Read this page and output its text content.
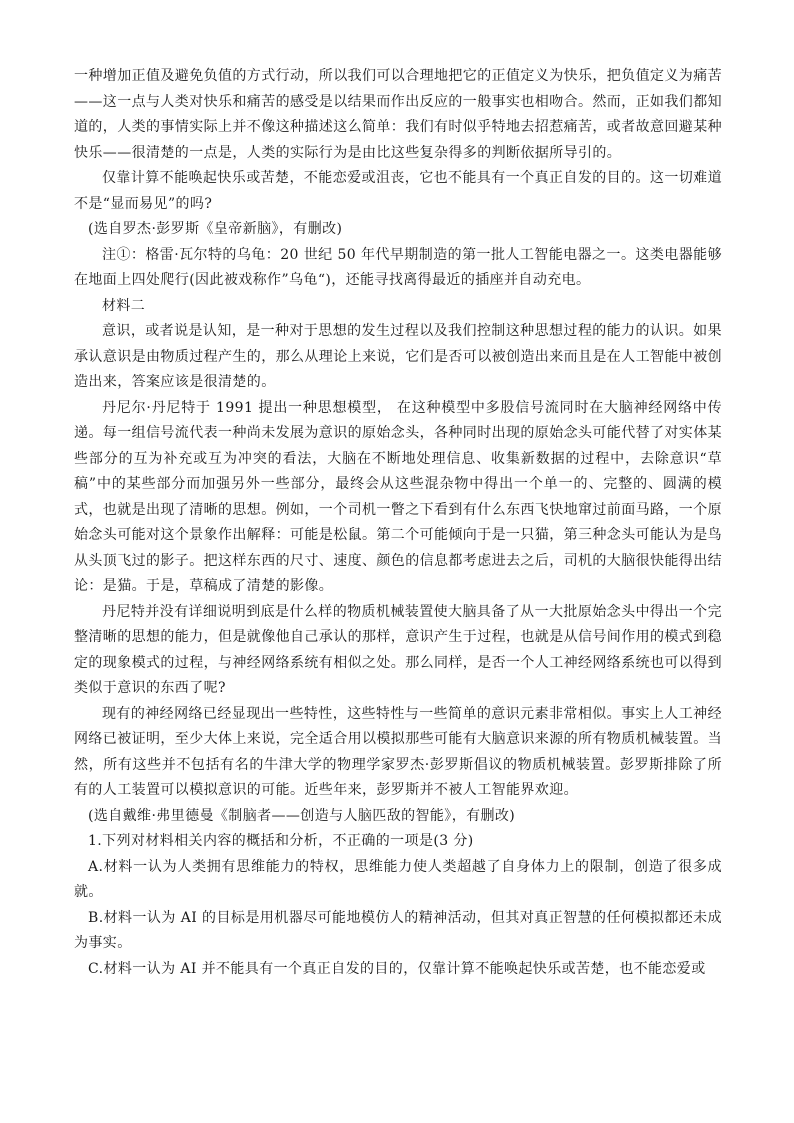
一种增加正值及避免负值的方式行动，所以我们可以合理地把它的正值定义为快乐，把负值定义为痛苦——这一点与人类对快乐和痛苦的感受是以结果而作出反应的一般事实也相吻合。然而，正如我们都知道的，人类的事情实际上并不像这种描述这么简单：我们有时似乎特地去招惹痛苦，或者故意回避某种快乐——很清楚的一点是，人类的实际行为是由比这些复杂得多的判断依据所导引的。

仅靠计算不能唤起快乐或苦楚，不能恋爱或沮丧，它也不能具有一个真正自发的目的。这一切难道不是“显而易见”的吗?

(选自罗杰·彭罗斯《皇帝新脑》，有删改)

注①：格雷·瓦尔特的乌龟：20 世纪 50 年代早期制造的第一批人工智能电器之一。这类电器能够在地面上四处爬行(因此被戏称作”乌龟“)，还能寻找离得最近的插座并自动充电。

材料二

意识，或者说是认知，是一种对于思想的发生过程以及我们控制这种思想过程的能力的认识。如果承认意识是由物质过程产生的，那么从理论上来说，它们是否可以被创造出来而且是在人工智能中被创造出来，答案应该是很清楚的。

丹尼尔·丹尼特于 1991 提出一种思想模型， 在这种模型中多股信号流同时在大脑神经网络中传递。每一组信号流代表一种尚未发展为意识的原始念头，各种同时出现的原始念头可能代替了对实体某些部分的互为补充或互为冲突的看法，大脑在不断地处理信息、收集新数据的过程中，去除意识“草稿”中的某些部分而加强另外一些部分，最终会从这些混杂物中得出一个单一的、完整的、圆满的模式，也就是出现了清晰的思想。例如，一个司机一瞥之下看到有什么东西飞快地窜过前面马路，一个原始念头可能对这个景象作出解释：可能是松鼠。第二个可能倾向于是一只猫，第三种念头可能认为是鸟从头顶飞过的影子。把这样东西的尺寸、速度、颜色的信息都考虑进去之后，司机的大脑很快能得出结论：是猫。于是，草稿成了清楚的影像。

丹尼特并没有详细说明到底是什么样的物质机械装置使大脑具备了从一大批原始念头中得出一个完整清晰的思想的能力，但是就像他自己承认的那样，意识产生于过程，也就是从信号间作用的模式到稳定的现象模式的过程，与神经网络系统有相似之处。那么同样，是否一个人工神经网络系统也可以得到类似于意识的东西了呢?

现有的神经网络已经显现出一些特性，这些特性与一些简单的意识元素非常相似。事实上人工神经网络已被证明，至少大体上来说，完全适合用以模拟那些可能有大脑意识来源的所有物质机械装置。当然，所有这些并不包括有名的牛津大学的物理学家罗杰·彭罗斯倡议的物质机械装置。彭罗斯排除了所有的人工装置可以模拟意识的可能。近些年来，彭罗斯并不被人工智能界欢迎。

(选自戴维·弗里德曼《制脑者——创造与人脑匹敌的智能》，有删改)

1.下列对材料相关内容的概括和分析，不正确的一项是(3 分)

A.材料一认为人类拥有思维能力的特权，思维能力使人类超越了自身体力上的限制，创造了很多成就。

B.材料一认为 AI 的目标是用机器尽可能地模仿人的精神活动，但其对真正智慧的任何模拟都还未成为事实。

C.材料一认为 AI 并不能具有一个真正自发的目的，仅靠计算不能唤起快乐或苦楚，也不能恋爱或
